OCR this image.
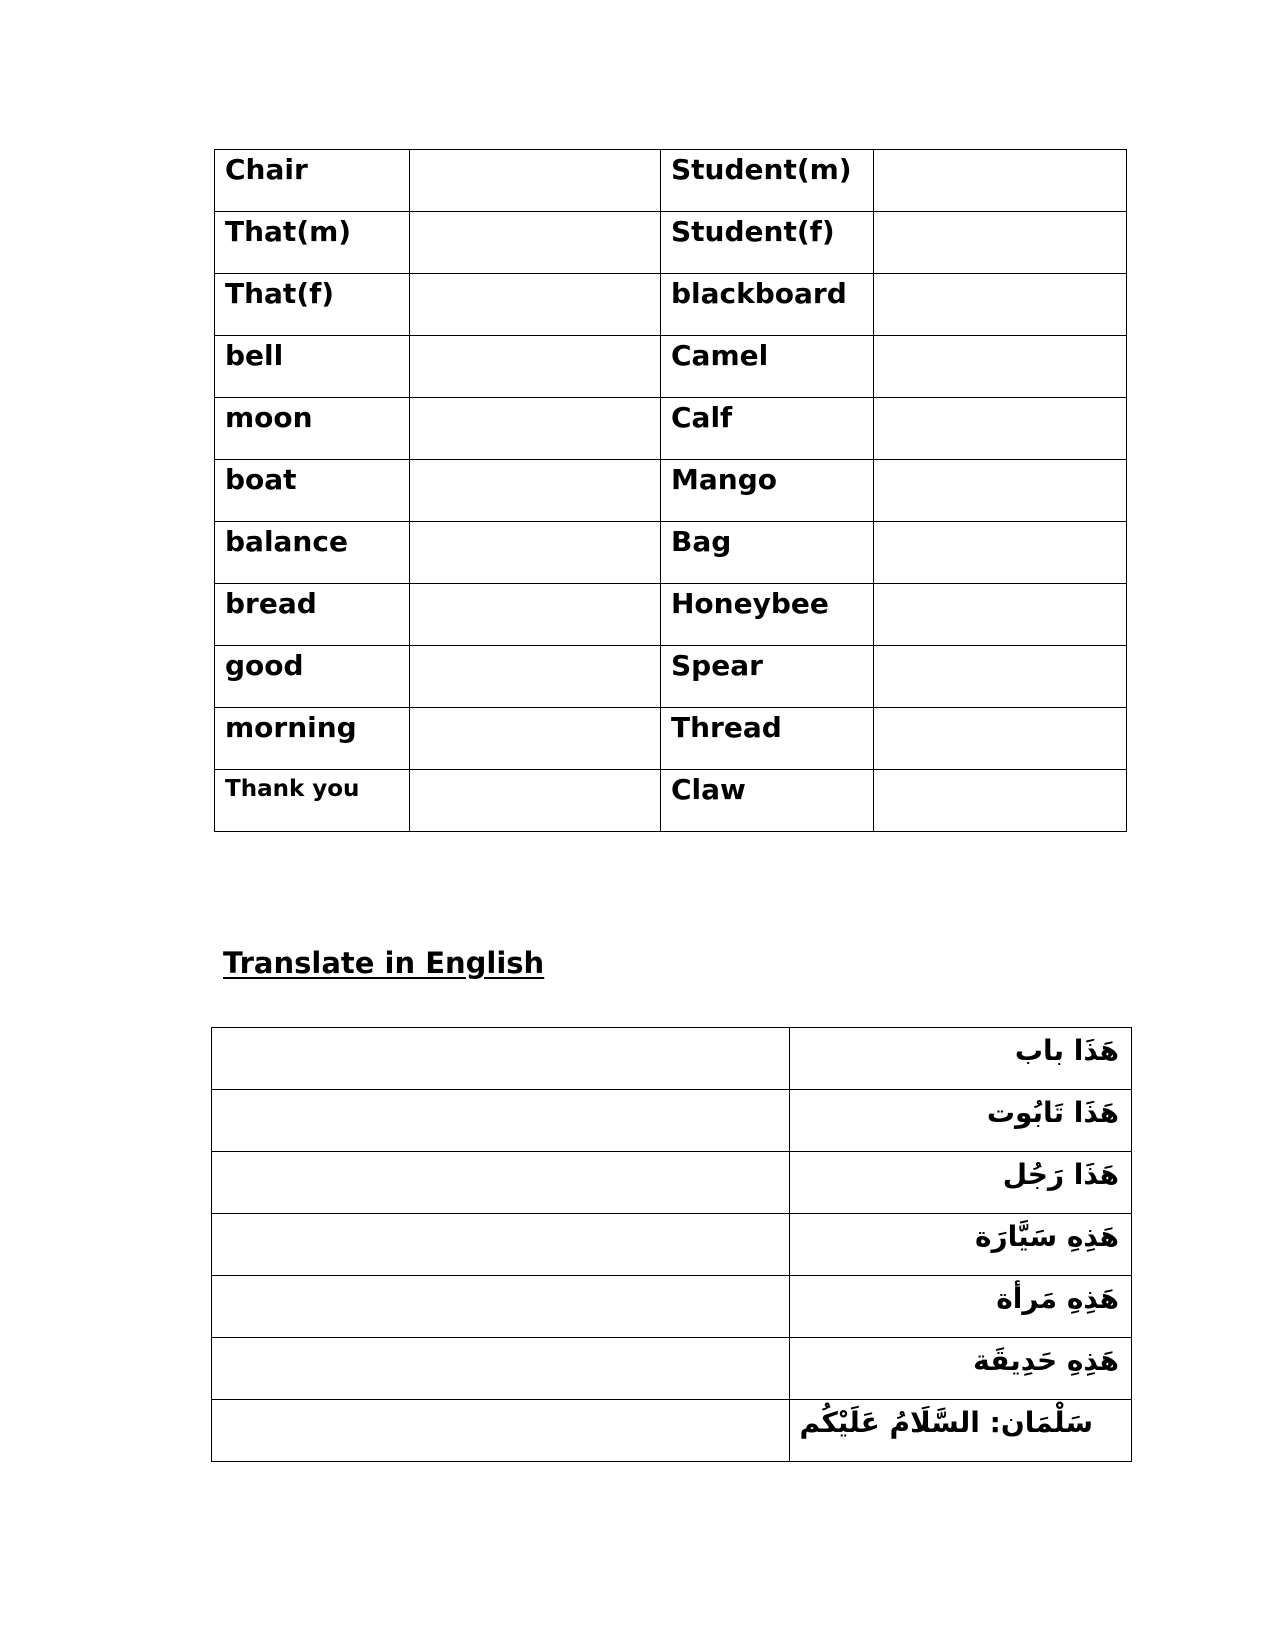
Chair		Student(m)	
That(m)		Student(f)	
That(f)		blackboard	
bell		Camel	
moon		Calf	
boat		Mango	
balance		Bag	
bread		Honeybee	
good		Spear	
morning		Thread	
Thank you		Claw	
Translate in English
	هَذَا باب
	هَذَا تَابُوت
	هَذَا رَجُل
	هَذِهِ سَيَّارَة
	هَذِهِ مَرأة
	هَذِهِ حَدِيقَة
	سَلْمَان: السَّلَامُ عَلَيْكُم
